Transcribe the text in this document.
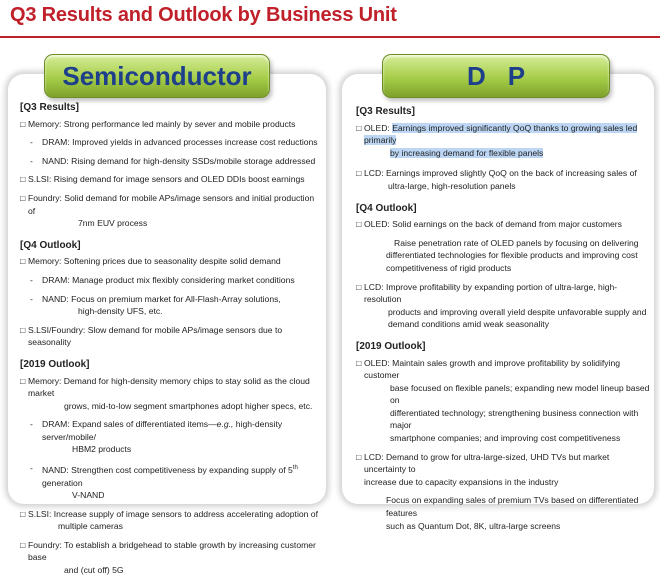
Q3 Results and Outlook by Business Unit
Semiconductor	DP
[Q3 Results]
□ Memory: Strong performance led mainly by sever and mobile products
- DRAM: Improved yields in advanced processes increase cost reductions
- NAND: Rising demand for high-density SSDs/mobile storage addressed
□ S.LSI: Rising demand for image sensors and OLED DDIs boost earnings
□ Foundry: Solid demand for mobile APs/image sensors and initial production of
7nm EUV process
[Q4 Outlook]
□ Memory: Softening prices due to seasonality despite solid demand
- DRAM: Manage product mix flexibly considering market conditions
- NAND: Focus on premium market for All-Flash-Array solutions,
high-density UFS, etc.
□ S.LSI/Foundry: Slow demand for mobile APs/image sensors due to seasonality
[2019 Outlook]
□ Memory: Demand for high-density memory chips to stay solid as the cloud market
grows, mid-to-low segment smartphones adopt higher specs, etc.
- DRAM: Expand sales of differentiated items—e.g., high-density server/mobile/
HBM2 products
- NAND: Strengthen cost competitiveness by expanding supply of 5th generation
V-NAND
□ S.LSI: Increase supply of image sensors to address accelerating adoption of
multiple cameras
□ Foundry: To establish a bridgehead to stable growth by increasing customer base
and (cut off) 5G
[Q3 Results]
□ OLED: Earnings improved significantly QoQ thanks to growing sales led primarily
by increasing demand for flexible panels
□ LCD: Earnings improved slightly QoQ on the back of increasing sales of
ultra-large, high-resolution panels
[Q4 Outlook]
□ OLED: Solid earnings on the back of demand from major customers
Raise penetration rate of OLED panels by focusing on delivering
differentiated technologies for flexible products and improving cost
competitiveness of rigid products
□ LCD: Improve profitability by expanding portion of ultra-large, high-resolution
products and improving overall yield despite unfavorable supply and
demand conditions amid weak seasonality
[2019 Outlook]
□ OLED: Maintain sales growth and improve profitability by solidifying customer
base focused on flexible panels; expanding new model lineup based on
differentiated technology; strengthening business connection with major
smartphone companies; and improving cost competitiveness
□ LCD: Demand to grow for ultra-large-sized, UHD TVs but market uncertainty to
increase due to capacity expansions in the industry
Focus on expanding sales of premium TVs based on differentiated features
such as Quantum Dot, 8K, ultra-large screens
